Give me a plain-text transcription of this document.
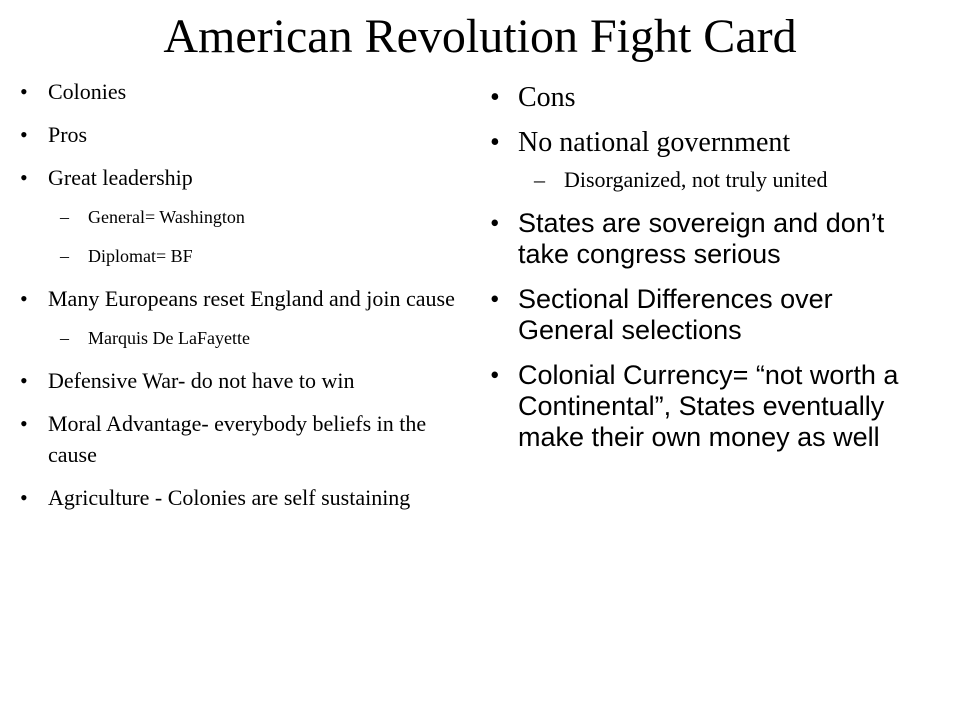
American Revolution Fight Card
• Colonies
• Pros
• Great leadership
– General= Washington
– Diplomat= BF
• Many Europeans reset England and join cause
– Marquis De LaFayette
• Defensive War- do not have to win
• Moral Advantage- everybody beliefs in the cause
• Agriculture - Colonies are self sustaining
• Cons
• No national government
– Disorganized, not truly united
• States are sovereign and don’t take congress serious
• Sectional Differences over General selections
• Colonial Currency= “not worth a Continental”, States eventually make their own money as well
